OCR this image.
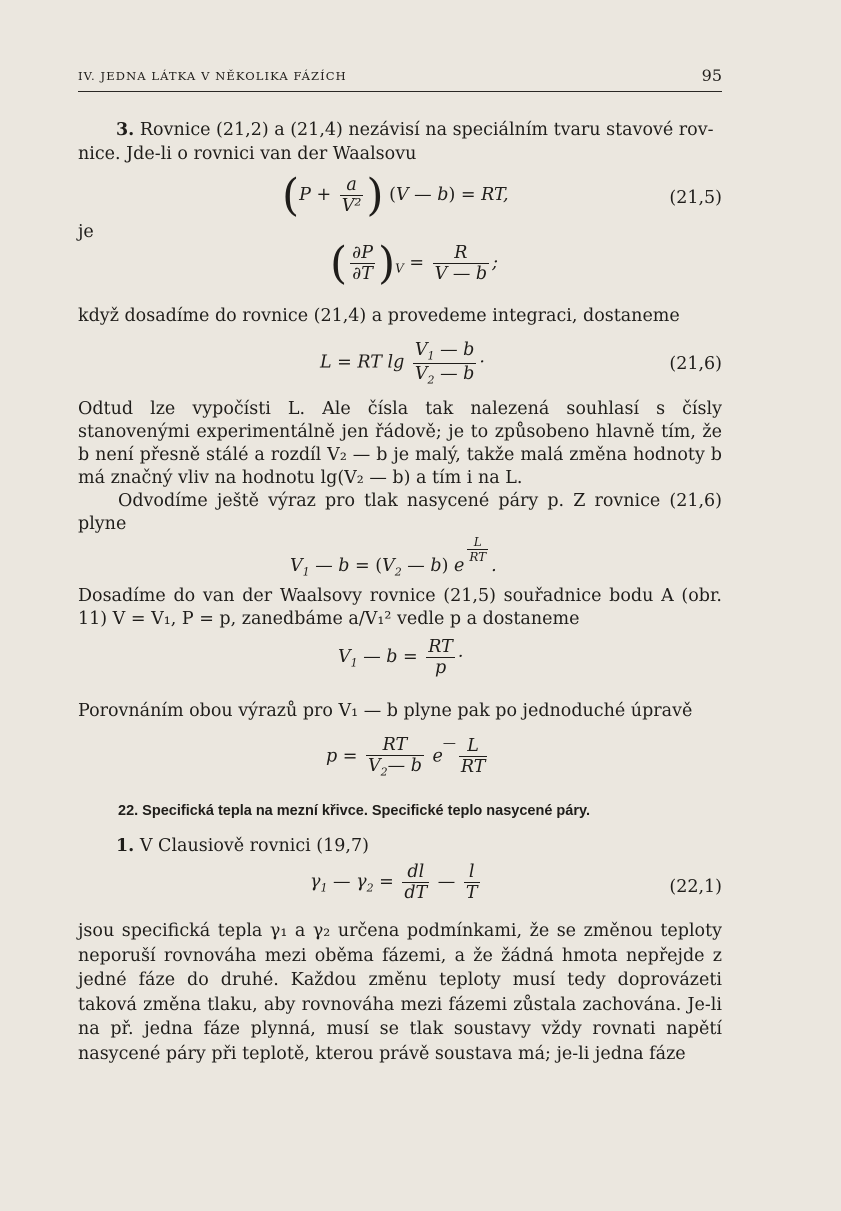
IV. JEDNA LÁTKA V NĚKOLIKA FÁZÍCH	95
3. Rovnice (21,2) a (21,4) nezávisí na speciálním tvaru stavové rov-
nice. Jde-li o rovnici van der Waalsovu
($P + \frac{a}{\text{V²}}$ ) (V — b) = RT,	(21,5)
je
( $\frac{\partial P}{\partial T} )_V = \frac{R}{V — b}$ ;
když dosadíme do rovnice (21,4) a provedeme integraci, dostaneme
L = RT $\lg \frac{V_1 — b}{V_2 — b}$ ·	(21,6)
Odtud lze vypočísti L. Ale čísla tak nalezená souhlasí s čísly stanovenými experimentálně jen řádově; je to způsobeno hlavně tím, že b není přesně stálé a rozdíl V₂ — b je malý, takže malá změna hodnoty b má značný vliv na hodnotu lg(V₂ — b) a tím i na L.
Odvodíme ještě výraz pro tlak nasycené páry p. Z rovnice (21,6) plyne
$V_1$ — $b = (V_2$ — b) e
$\frac{L}{RT}$
.
Dosadíme do van der Waalsovy rovnice (21,5) souřadnice bodu A (obr. 11) V = V₁, P = p, zanedbáme a/V₁² vedle p a dostaneme
$V_1$ — $b = \frac{RT}{p}$ ·
Porovnáním obou výrazů pro V₁ — b plyne pak po jednoduché úpravě
$p = \frac{RT}{V_2— b}$ e— $\frac{L}{RT}$
22. Specifická tepla na mezní křivce. Specifické teplo nasycené páry.
1. V Clausiově rovnici (19,7)
$\gamma_1$ — $\gamma_2 = \frac{dl}{dT}$ — $\frac{l}{T}$	(22,1)
jsou specifická tepla γ₁ a γ₂ určena podmínkami, že se změnou teploty neporuší rovnováha mezi oběma fázemi, a že žádná hmota nepřejde z jedné fáze do druhé. Každou změnu teploty musí tedy doprovázeti taková změna tlaku, aby rovnováha mezi fázemi zůstala zachována. Je-li na př. jedna fáze plynná, musí se tlak soustavy vždy rovnati napětí nasycené páry při teplotě, kterou právě soustava má; je-li jedna fáze
